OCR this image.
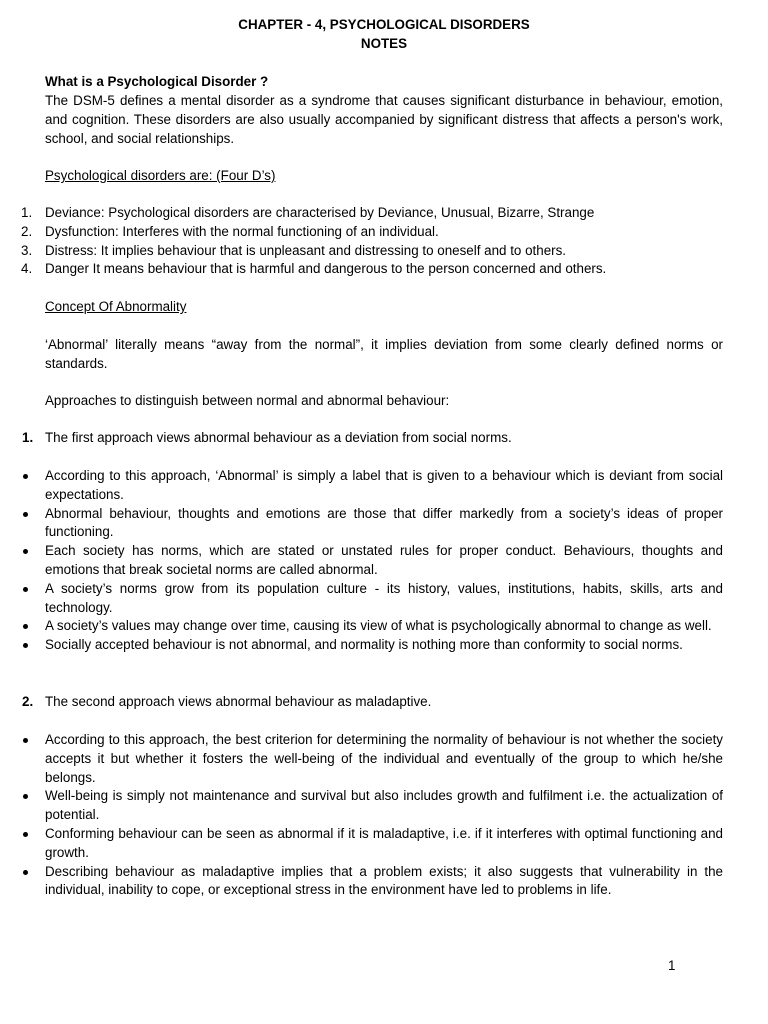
CHAPTER - 4, PSYCHOLOGICAL DISORDERS
NOTES
What is a Psychological Disorder ?
The DSM-5 defines a mental disorder as a syndrome that causes significant disturbance in behaviour, emotion, and cognition. These disorders are also usually accompanied by significant distress that affects a person's work, school, and social relationships.
Psychological disorders are: (Four D’s)
1. Deviance: Psychological disorders are characterised by Deviance, Unusual, Bizarre, Strange
2. Dysfunction: Interferes with the normal functioning of an individual.
3. Distress: It implies behaviour that is unpleasant and distressing to oneself and to others.
4. Danger It means behaviour that is harmful and dangerous to the person concerned and others.
Concept Of Abnormality
‘Abnormal’ literally means “away from the normal”, it implies deviation from some clearly defined norms or standards.
Approaches to distinguish between normal and abnormal behaviour:
1. The first approach views abnormal behaviour as a deviation from social norms.
According to this approach, ‘Abnormal’ is simply a label that is given to a behaviour which is deviant from social expectations.
Abnormal behaviour, thoughts and emotions are those that differ markedly from a society’s ideas of proper functioning.
Each society has norms, which are stated or unstated rules for proper conduct. Behaviours, thoughts and emotions that break societal norms are called abnormal.
A society’s norms grow from its population culture - its history, values, institutions, habits, skills, arts and technology.
A society’s values may change over time, causing its view of what is psychologically abnormal to change as well.
Socially accepted behaviour is not abnormal, and normality is nothing more than conformity to social norms.
2. The second approach views abnormal behaviour as maladaptive.
According to this approach, the best criterion for determining the normality of behaviour is not whether the society accepts it but whether it fosters the well-being of the individual and eventually of the group to which he/she belongs.
Well-being is simply not maintenance and survival but also includes growth and fulfilment i.e. the actualization of potential.
Conforming behaviour can be seen as abnormal if it is maladaptive, i.e. if it interferes with optimal functioning and growth.
Describing behaviour as maladaptive implies that a problem exists; it also suggests that vulnerability in the individual, inability to cope, or exceptional stress in the environment have led to problems in life.
1
